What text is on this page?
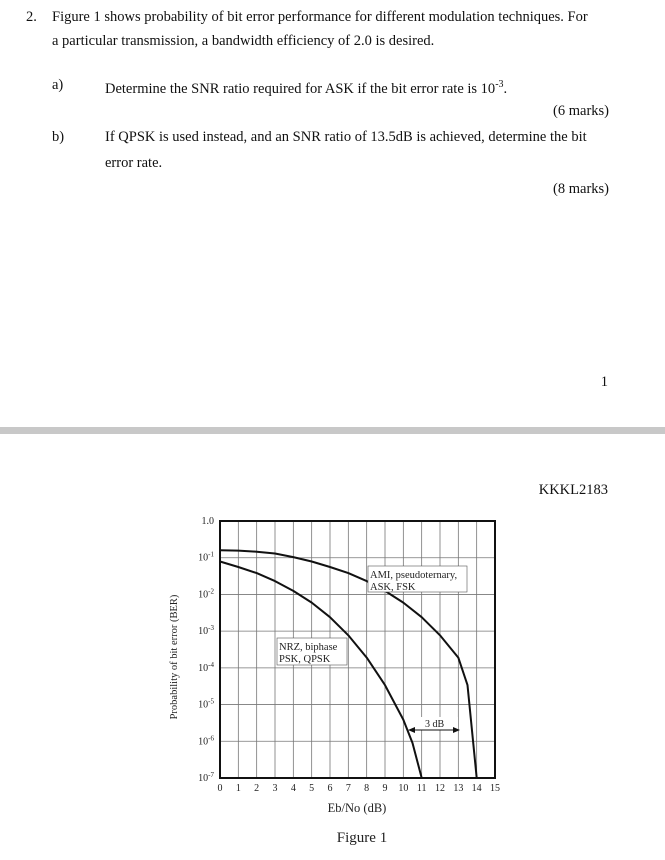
2. Figure 1 shows probability of bit error performance for different modulation techniques. For
a particular transmission, a bandwidth efficiency of 2.0 is desired.
a)	Determine the SNR ratio required for ASK if the bit error rate is $10^{-3}$.
(6 marks)
b)	If QPSK is used instead, and an SNR ratio of 13.5dB is achieved, determine the bit
error rate.
(8 marks)
1
KKKL2183
0 1 2 3 4 5 6 7 8 9 10 11 12 13 14 15
1.0
$10^{-1}$
$10^{-2}$
$10^{-3}$
$10^{-4}$
$10^{-5}$
$10^{-6}$
$10^{-7}$
AMI, pseudoternary,
ASK, FSK
NRZ, biphase
PSK, QPSK
3 dB
Probability of bit error (BER)
Eb/No (dB)
Figure 1
